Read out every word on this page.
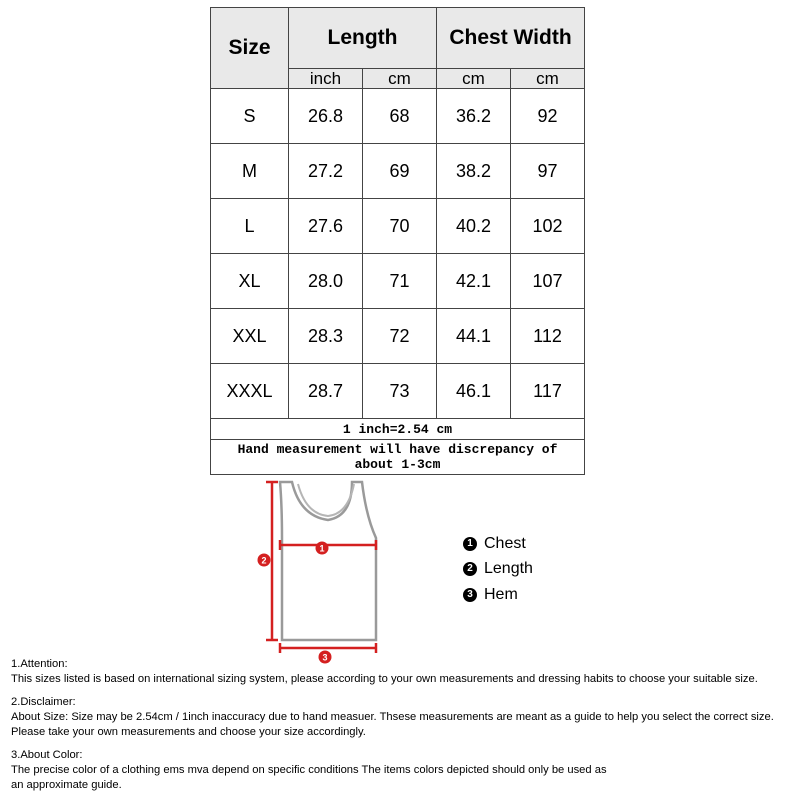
Size	Length		Chest Width	
	inch	cm	cm	cm
S	26.8	68	36.2	92
M	27.2	69	38.2	97
L	27.6	70	40.2	102
XL	28.0	71	42.1	107
XXL	28.3	72	44.1	112
XXXL	28.7	73	46.1	117
1 inch=2.54 cm				
Hand measurement will have discrepancy of about 1-3cm				
1
2
3
1 Chest
2 Length
3 Hem

1.Attention:

This sizes listed is based on international sizing system, please according to your own measurements and dressing habits to choose your suitable size.

2.Disclaimer:

About Size: Size may be 2.54cm / 1inch inaccuracy due to hand measuer. Thsese measurements are meant as a guide to help you select the correct size.

Please take your own measurements and choose your size accordingly.

3.About Color:

The precise color of a clothing ems mva depend on specific conditions The items colors depicted should only be used as

an approximate guide.
